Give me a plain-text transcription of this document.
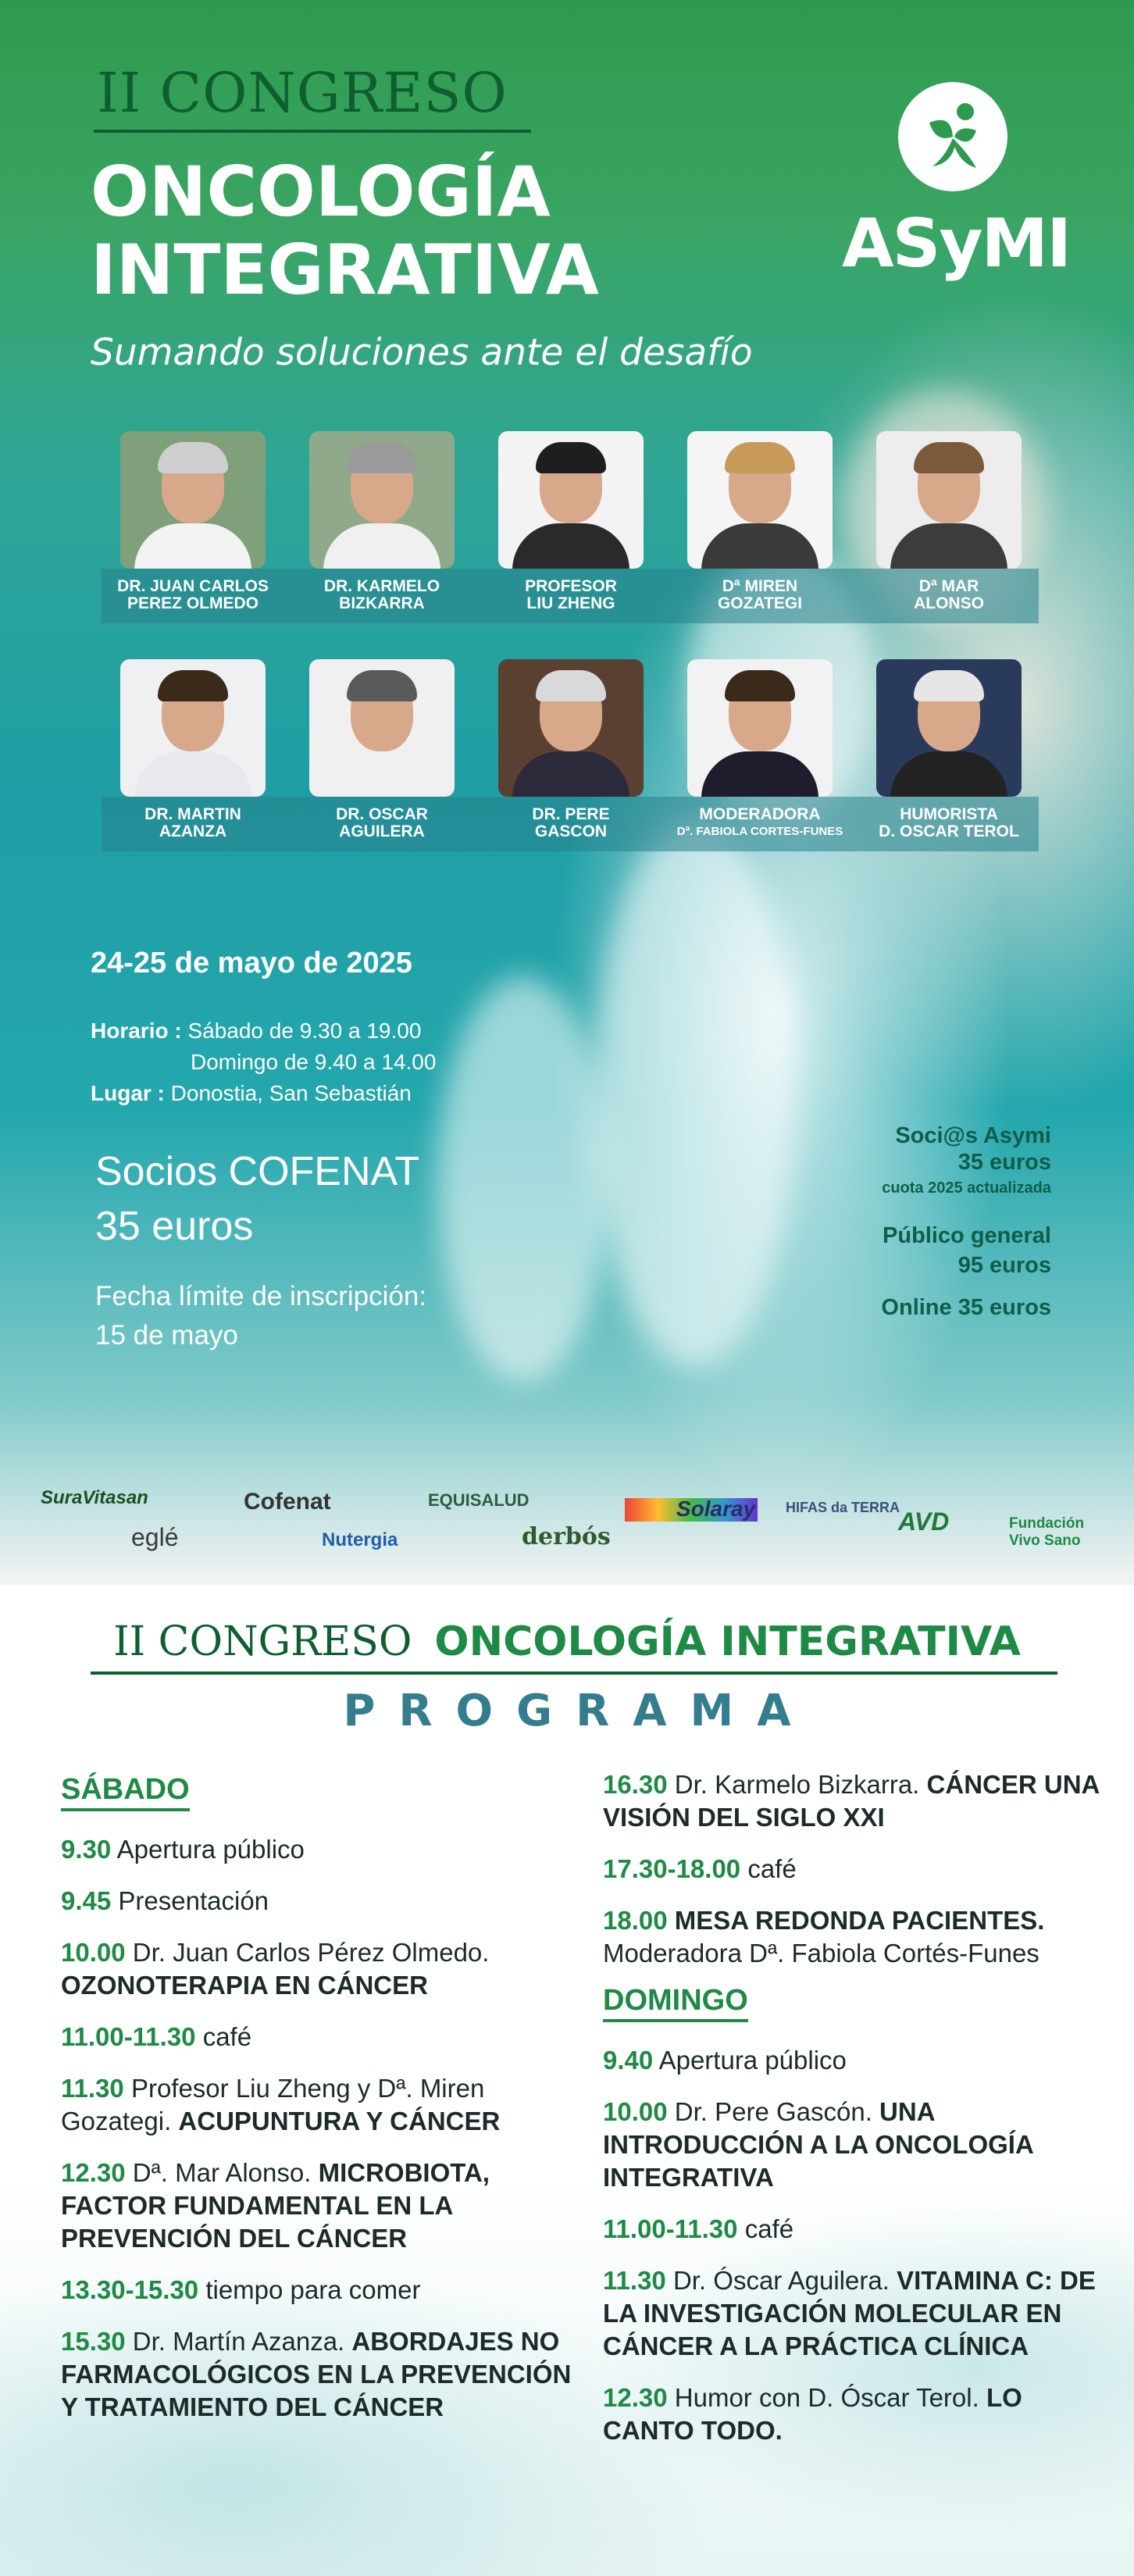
II CONGRESO
ONCOLOGÍA
INTEGRATIVA
Sumando soluciones ante el desafío
ASyMI
DR. JUAN CARLOS
PEREZ OLMEDO
DR. KARMELO
BIZKARRA
PROFESOR
LIU ZHENG
Dª MIREN
GOZATEGI
Dª MAR
ALONSO
DR. MARTIN
AZANZA
DR. OSCAR
AGUILERA
DR. PERE
GASCON
MODERADORA
Dª. FABIOLA CORTES-FUNES
HUMORISTA
D. OSCAR TEROL
24-25 de mayo de 2025
Horario : Sábado de 9.30 a 19.00
Domingo de 9.40 a 14.00
Lugar : Donostia, San Sebastián
Socios COFENAT
35 euros
Fecha límite de inscripción:
15 de mayo
Soci@s Asymi
35 euros
cuota 2025 actualizada
Público general
95 euros
Online 35 euros
SuraVitasan
eglé
Cofenat
Nutergia
EQUISALUD
derbós
Solaray HIFAS da TERRA
AVD	Fundación
Vivo Sano
II CONGRESO ONCOLOGÍA INTEGRATIVA
PROGRAMA
SÁBADO
9.30 Apertura público
9.45 Presentación
10.00 Dr. Juan Carlos Pérez Olmedo. OZONOTERAPIA EN CÁNCER
11.00-11.30 café
11.30 Profesor Liu Zheng y Dª. Miren Gozategi. ACUPUNTURA Y CÁNCER
12.30 Dª. Mar Alonso. MICROBIOTA, FACTOR FUNDAMENTAL EN LA PREVENCIÓN DEL CÁNCER
13.30-15.30 tiempo para comer
15.30 Dr. Martín Azanza. ABORDAJES NO FARMACOLÓGICOS EN LA PREVENCIÓN Y TRATAMIENTO DEL CÁNCER
16.30 Dr. Karmelo Bizkarra. CÁNCER UNA VISIÓN DEL SIGLO XXI
17.30-18.00 café
18.00 MESA REDONDA PACIENTES.
Moderadora Dª. Fabiola Cortés-Funes
DOMINGO
9.40 Apertura público
10.00 Dr. Pere Gascón. UNA INTRODUCCIÓN A LA ONCOLOGÍA INTEGRATIVA
11.00-11.30 café
11.30 Dr. Óscar Aguilera. VITAMINA C: DE LA INVESTIGACIÓN MOLECULAR EN CÁNCER A LA PRÁCTICA CLÍNICA
12.30 Humor con D. Óscar Terol. LO CANTO TODO.
